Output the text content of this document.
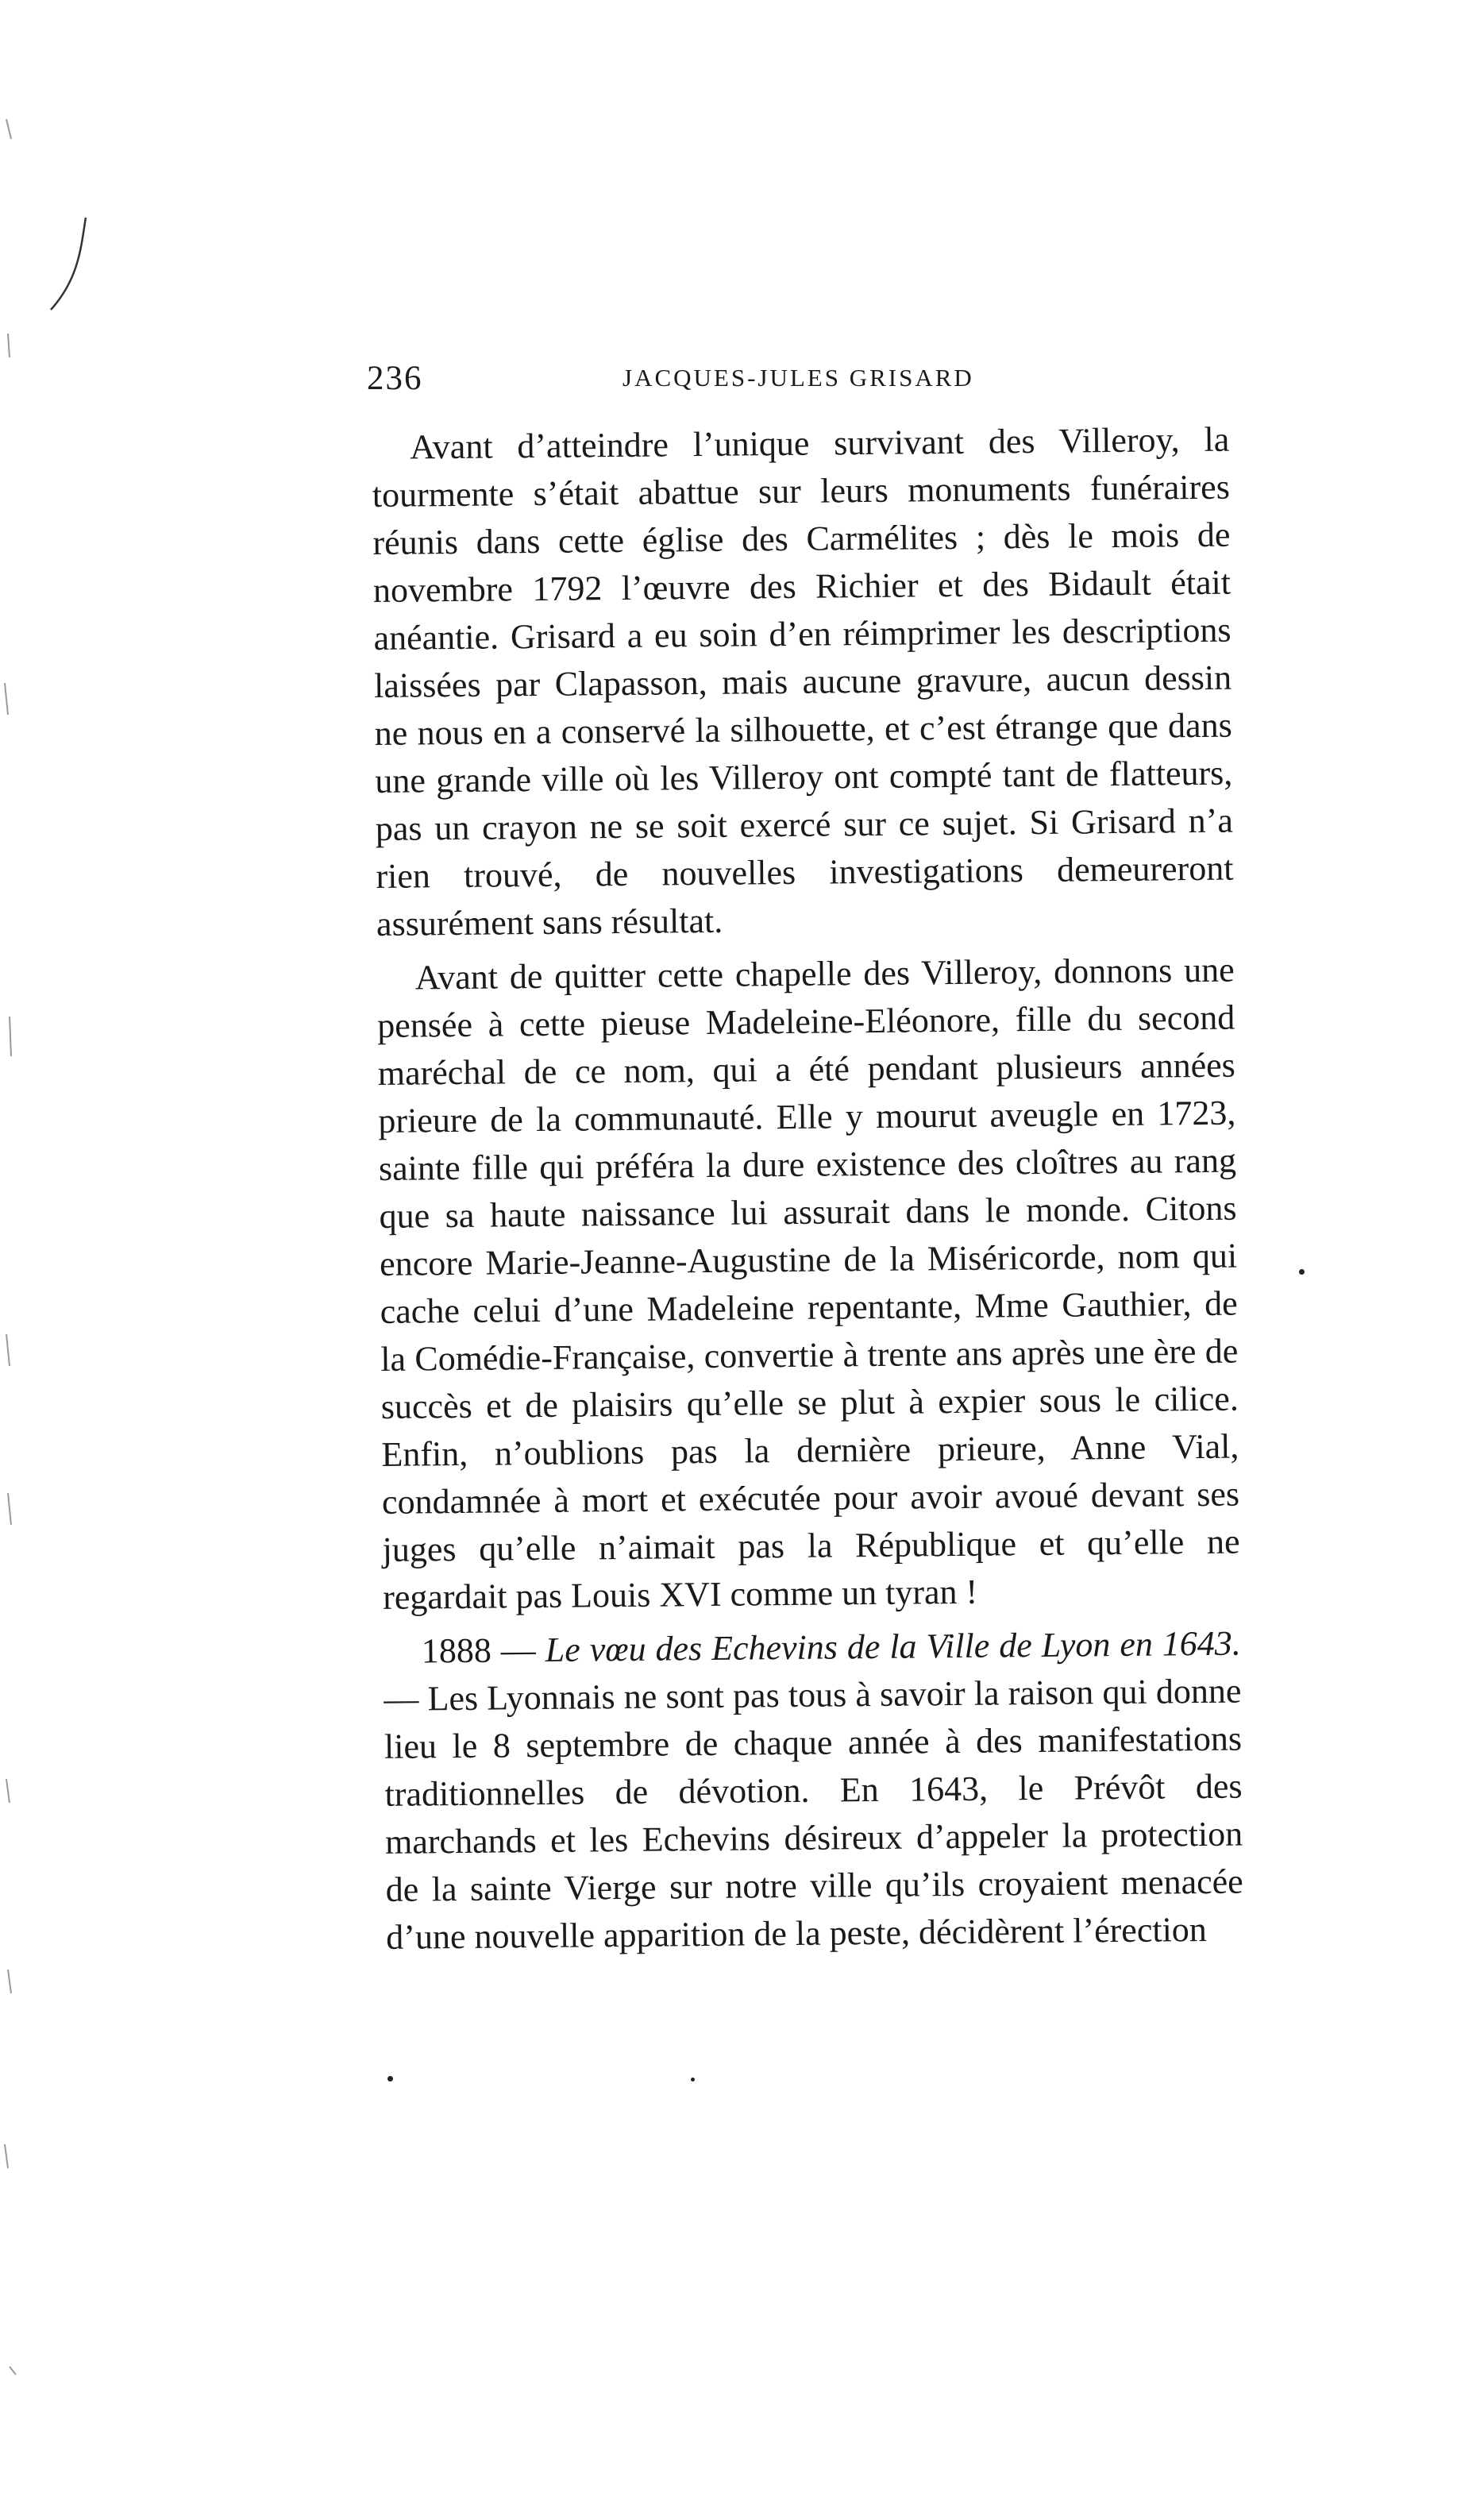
236	JACQUES-JULES GRISARD

Avant d’atteindre l’unique survivant des Villeroy, la tourmente s’était abattue sur leurs monuments funéraires réunis dans cette église des Carmélites ; dès le mois de novembre 1792 l’œuvre des Richier et des Bidault était anéantie. Grisard a eu soin d’en réimprimer les descriptions laissées par Clapasson, mais aucune gravure, aucun dessin ne nous en a conservé la silhouette, et c’est étrange que dans une grande ville où les Villeroy ont compté tant de flatteurs, pas un crayon ne se soit exercé sur ce sujet. Si Grisard n’a rien trouvé, de nouvelles investigations demeureront assurément sans résultat.

Avant de quitter cette chapelle des Villeroy, donnons une pensée à cette pieuse Madeleine-Eléonore, fille du second maréchal de ce nom, qui a été pendant plusieurs années prieure de la communauté. Elle y mourut aveugle en 1723, sainte fille qui préféra la dure existence des cloîtres au rang que sa haute naissance lui assurait dans le monde. Citons encore Marie-Jeanne-Augustine de la Miséricorde, nom qui cache celui d’une Madeleine repentante, Mme Gauthier, de la Comédie-Française, convertie à trente ans après une ère de succès et de plaisirs qu’elle se plut à expier sous le cilice. Enfin, n’oublions pas la dernière prieure, Anne Vial, condamnée à mort et exécutée pour avoir avoué devant ses juges qu’elle n’aimait pas la République et qu’elle ne regardait pas Louis XVI comme un tyran !

1888 — Le vœu des Echevins de la Ville de Lyon en 1643. — Les Lyonnais ne sont pas tous à savoir la raison qui donne lieu le 8 septembre de chaque année à des manifestations traditionnelles de dévotion. En 1643, le Prévôt des marchands et les Echevins désireux d’appeler la protection de la sainte Vierge sur notre ville qu’ils croyaient menacée d’une nouvelle apparition de la peste, décidèrent l’érection
